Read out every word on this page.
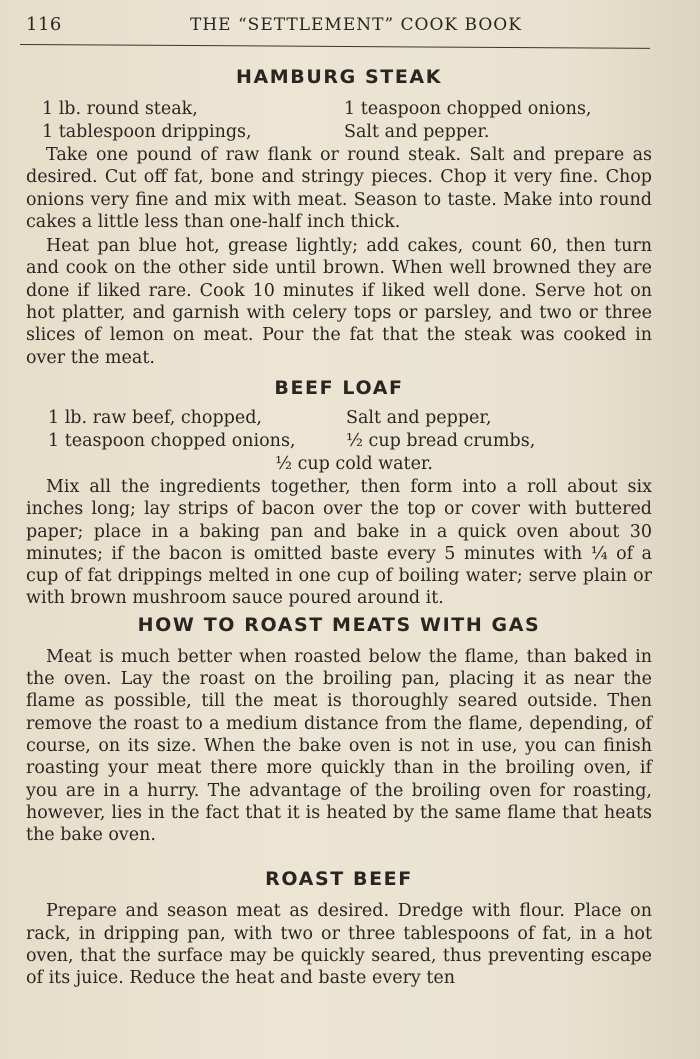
116	THE “SETTLEMENT” COOK BOOK
HAMBURG STEAK
1 lb. round steak,	1 teaspoon chopped onions,
1 tablespoon drippings,	Salt and pepper.

Take one pound of raw flank or round steak. Salt and prepare as desired. Cut off fat, bone and stringy pieces. Chop it very fine. Chop onions very fine and mix with meat. Season to taste. Make into round cakes a little less than one-half inch thick.

Heat pan blue hot, grease lightly; add cakes, count 60, then turn and cook on the other side until brown. When well browned they are done if liked rare. Cook 10 minutes if liked well done. Serve hot on hot platter, and garnish with celery tops or parsley, and two or three slices of lemon on meat. Pour the fat that the steak was cooked in over the meat.

BEEF LOAF
1 lb. raw beef, chopped,	Salt and pepper,
1 teaspoon chopped onions,	½ cup bread crumbs,
½ cup cold water.

Mix all the ingredients together, then form into a roll about six inches long; lay strips of bacon over the top or cover with buttered paper; place in a baking pan and bake in a quick oven about 30 minutes; if the bacon is omitted baste every 5 minutes with ¼ of a cup of fat drippings melted in one cup of boiling water; serve plain or with brown mushroom sauce poured around it.

HOW TO ROAST MEATS WITH GAS

Meat is much better when roasted below the flame, than baked in the oven. Lay the roast on the broiling pan, placing it as near the flame as possible, till the meat is thoroughly seared outside. Then remove the roast to a medium distance from the flame, depending, of course, on its size. When the bake oven is not in use, you can finish roasting your meat there more quickly than in the broiling oven, if you are in a hurry. The advantage of the broiling oven for roasting, however, lies in the fact that it is heated by the same flame that heats the bake oven.

ROAST BEEF

Prepare and season meat as desired. Dredge with flour. Place on rack, in dripping pan, with two or three tablespoons of fat, in a hot oven, that the surface may be quickly seared, thus preventing escape of its juice. Reduce the heat and baste every ten
